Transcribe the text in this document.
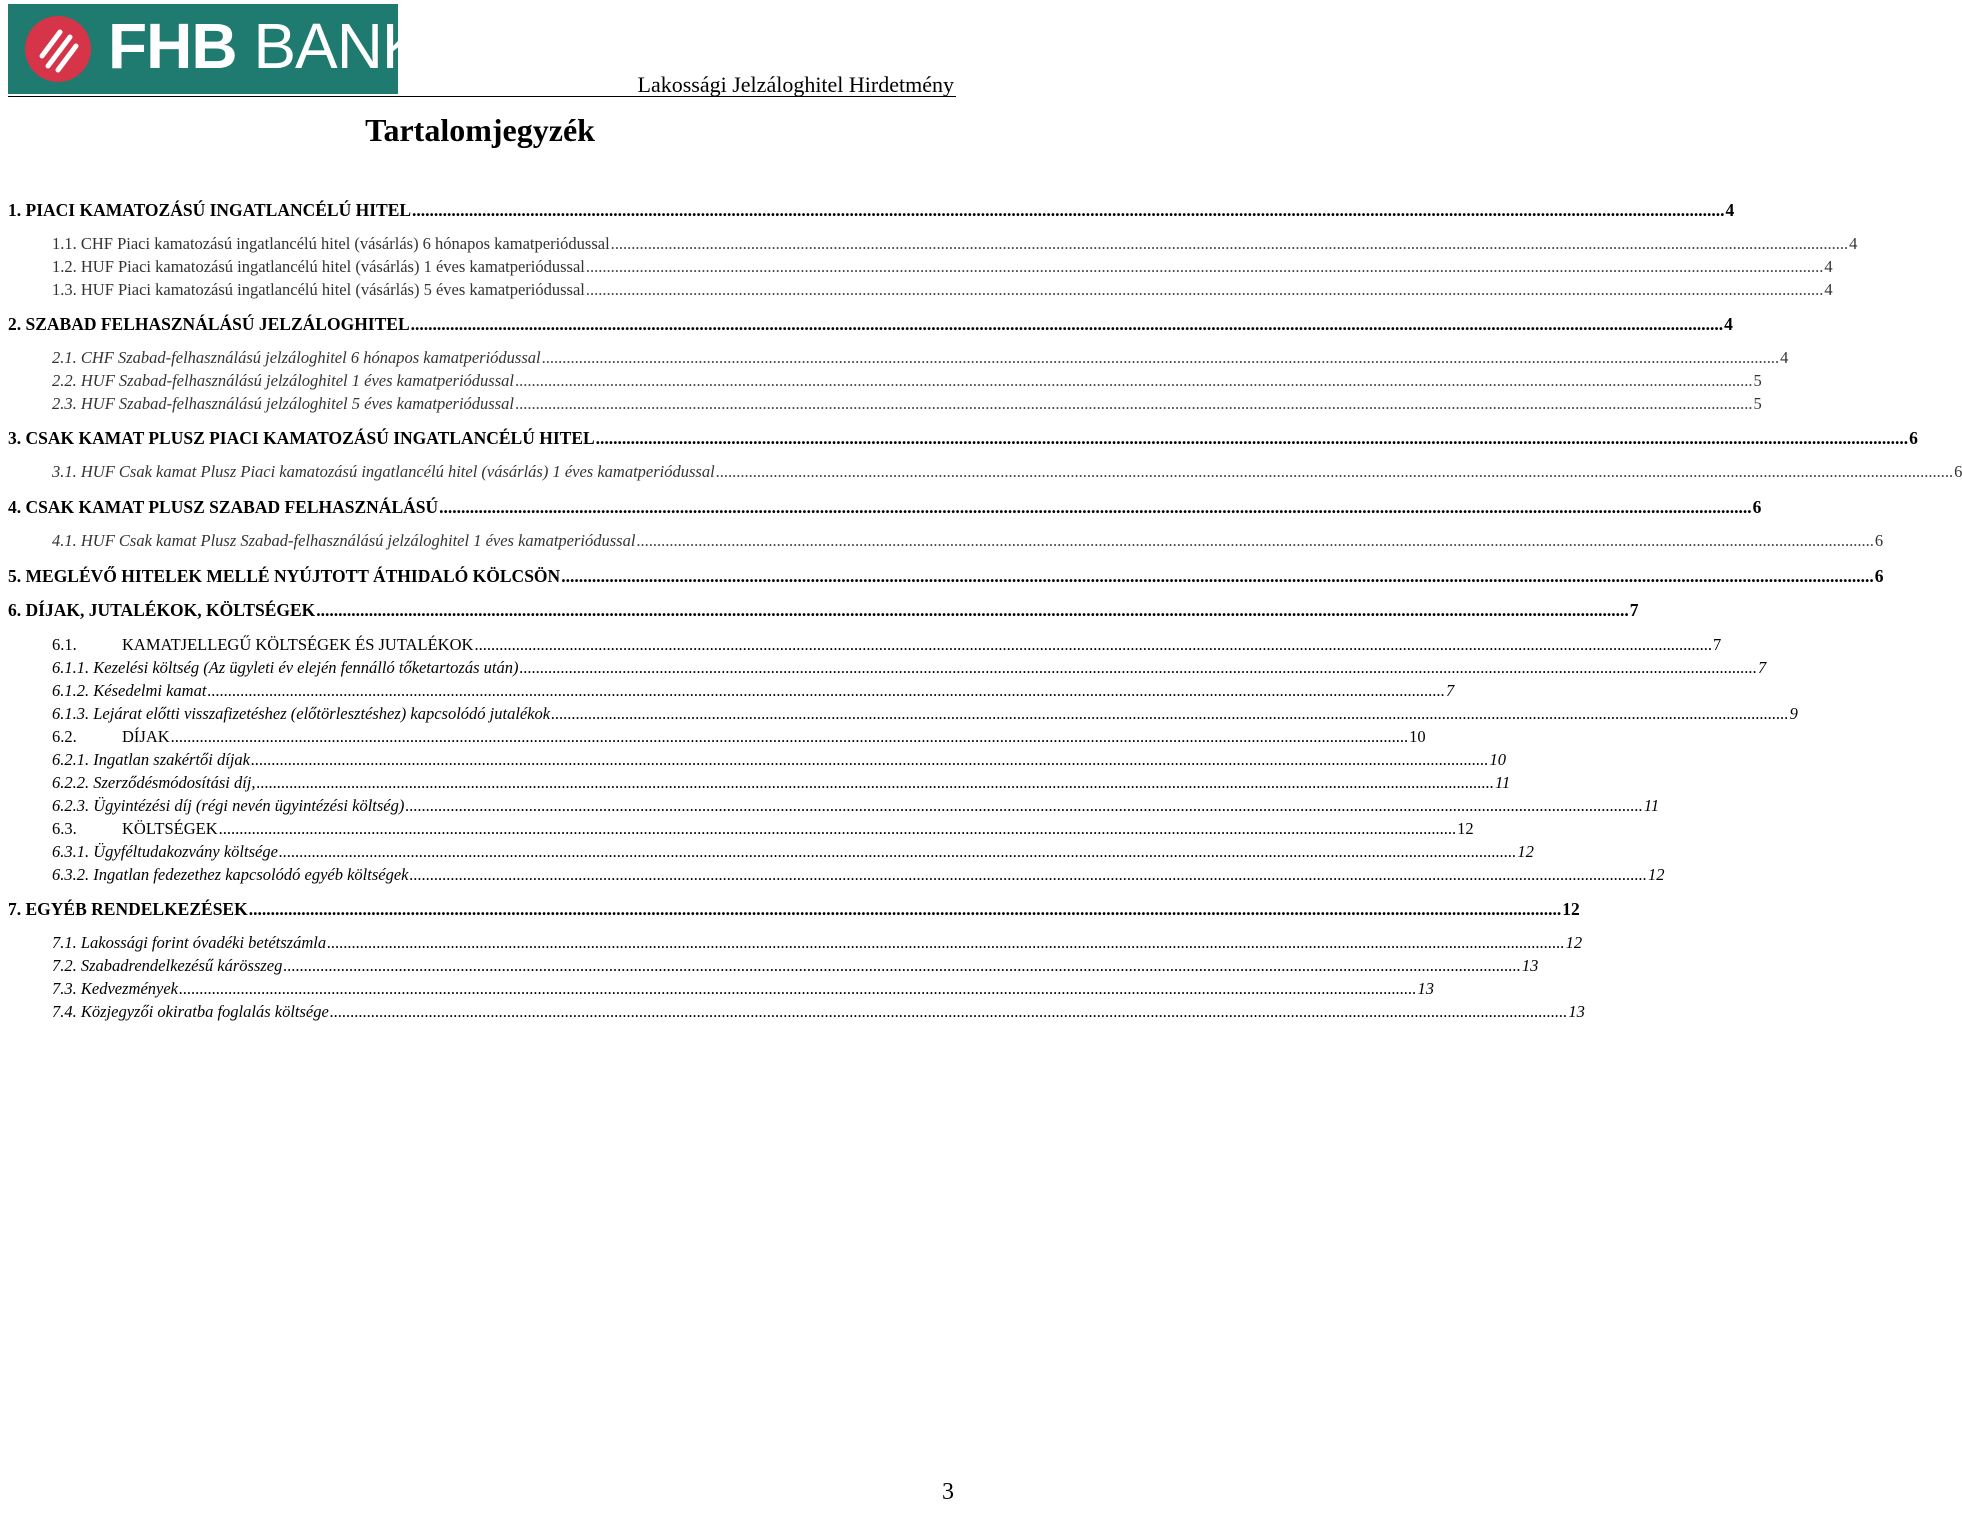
FHB BANK
Lakossági Jelzáloghitel Hirdetmény
Tartalomjegyzék
1. PIACI KAMATOZÁSÚ INGATLANCÉLÚ HITEL .....	4
1.1. CHF Piaci kamatozású ingatlancélú hitel (vásárlás) 6 hónapos kamatperiódussal .....	4
1.2. HUF Piaci kamatozású ingatlancélú hitel (vásárlás) 1 éves kamatperiódussal .....	4
1.3. HUF Piaci kamatozású ingatlancélú hitel (vásárlás) 5 éves kamatperiódussal .....	4
2. SZABAD FELHASZNÁLÁSÚ JELZÁLOGHITEL .....	4
2.1. CHF Szabad-felhasználású jelzáloghitel 6 hónapos kamatperiódussal .....	4
2.2. HUF Szabad-felhasználású jelzáloghitel 1 éves kamatperiódussal .....	5
2.3. HUF Szabad-felhasználású jelzáloghitel 5 éves kamatperiódussal .....	5
3. CSAK KAMAT PLUSZ PIACI KAMATOZÁSÚ INGATLANCÉLÚ HITEL .....	6
3.1. HUF Csak kamat Plusz Piaci kamatozású ingatlancélú hitel (vásárlás) 1 éves kamatperiódussal .....	6
4. CSAK KAMAT PLUSZ SZABAD FELHASZNÁLÁSÚ .....	6
4.1. HUF Csak kamat Plusz Szabad-felhasználású jelzáloghitel 1 éves kamatperiódussal .....	6
5. MEGLÉVŐ HITELEK MELLÉ NYÚJTOTT ÁTHIDALÓ KÖLCSÖN .....	6
6. DÍJAK, JUTALÉKOK, KÖLTSÉGEK .....	7
6.1.	KAMATJELLEGŰ KÖLTSÉGEK ÉS JUTALÉKOK .....	7
6.1.1. Kezelési költség (Az ügyleti év elején fennálló tőketartozás után) .....	7
6.1.2. Késedelmi kamat .....	7
6.1.3. Lejárat előtti visszafizetéshez (előtörlesztéshez) kapcsolódó jutalékok .....	9
6.2.	DÍJAK .....	10
6.2.1. Ingatlan szakértői díjak .....	10
6.2.2. Szerződésmódosítási díj, .....	11
6.2.3. Ügyintézési díj (régi nevén ügyintézési költség) .....	11
6.3.	KÖLTSÉGEK .....	12
6.3.1. Ügyféltudakozvány költsége .....	12
6.3.2. Ingatlan fedezethez kapcsolódó egyéb költségek .....	12
7. EGYÉB RENDELKEZÉSEK .....	12
7.1. Lakossági forint óvadéki betétszámla .....	12
7.2. Szabadrendelkezésű kárösszeg .....	13
7.3. Kedvezmények .....	13
7.4. Közjegyzői okiratba foglalás költsége .....	13
3
